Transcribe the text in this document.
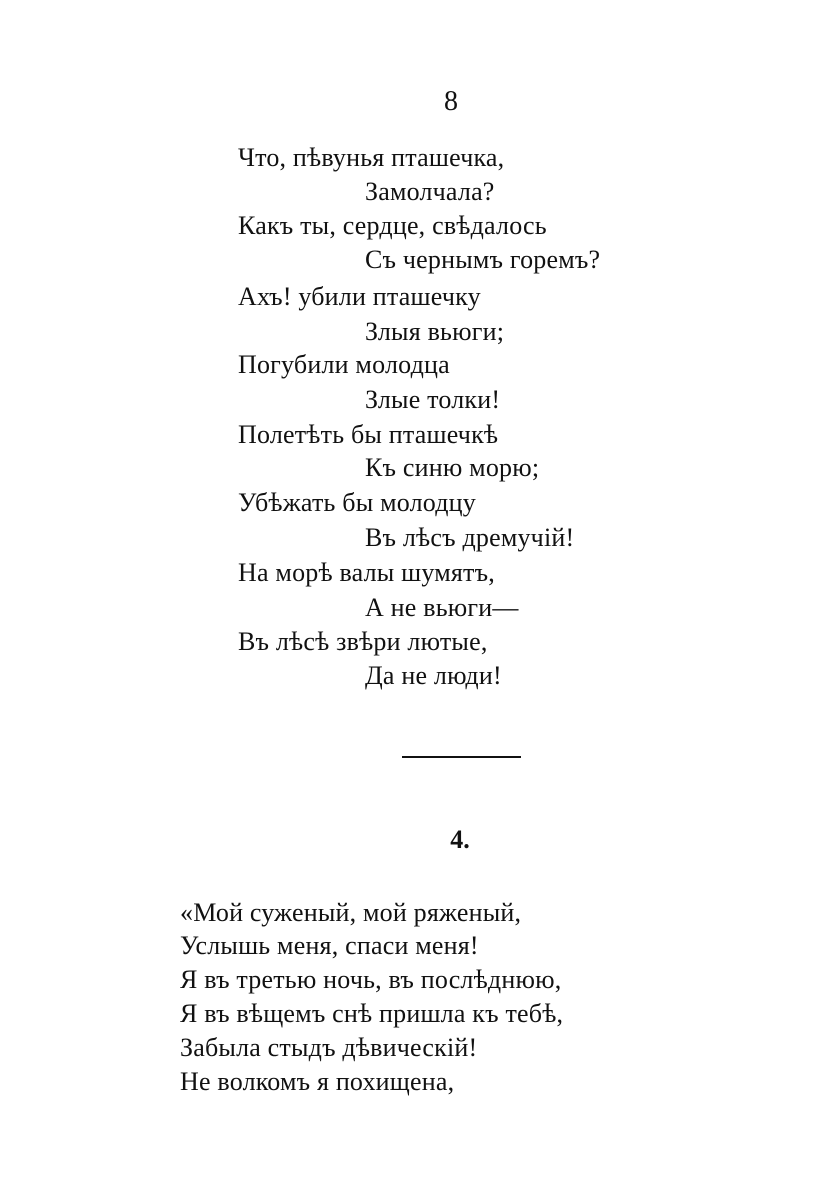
8
Что, пѣвунья пташечка,
Замолчала?
Какъ ты, сердце, свѣдалось
Съ чернымъ горемъ?
Ахъ! убили пташечку
Злыя вьюги;
Погубили молодца
Злые толки!
Полетѣть бы пташечкѣ
Къ синю морю;
Убѣжать бы молодцу
Въ лѣсъ дремучій!
На морѣ валы шумятъ,
А не вьюги—
Въ лѣсѣ звѣри лютые,
Да не люди!
4.
«Мой суженый, мой ряженый,
Услышь меня, спаси меня!
Я въ третью ночь, въ послѣднюю,
Я въ вѣщемъ снѣ пришла къ тебѣ,
Забыла стыдъ дѣвическій!
Не волкомъ я похищена,
